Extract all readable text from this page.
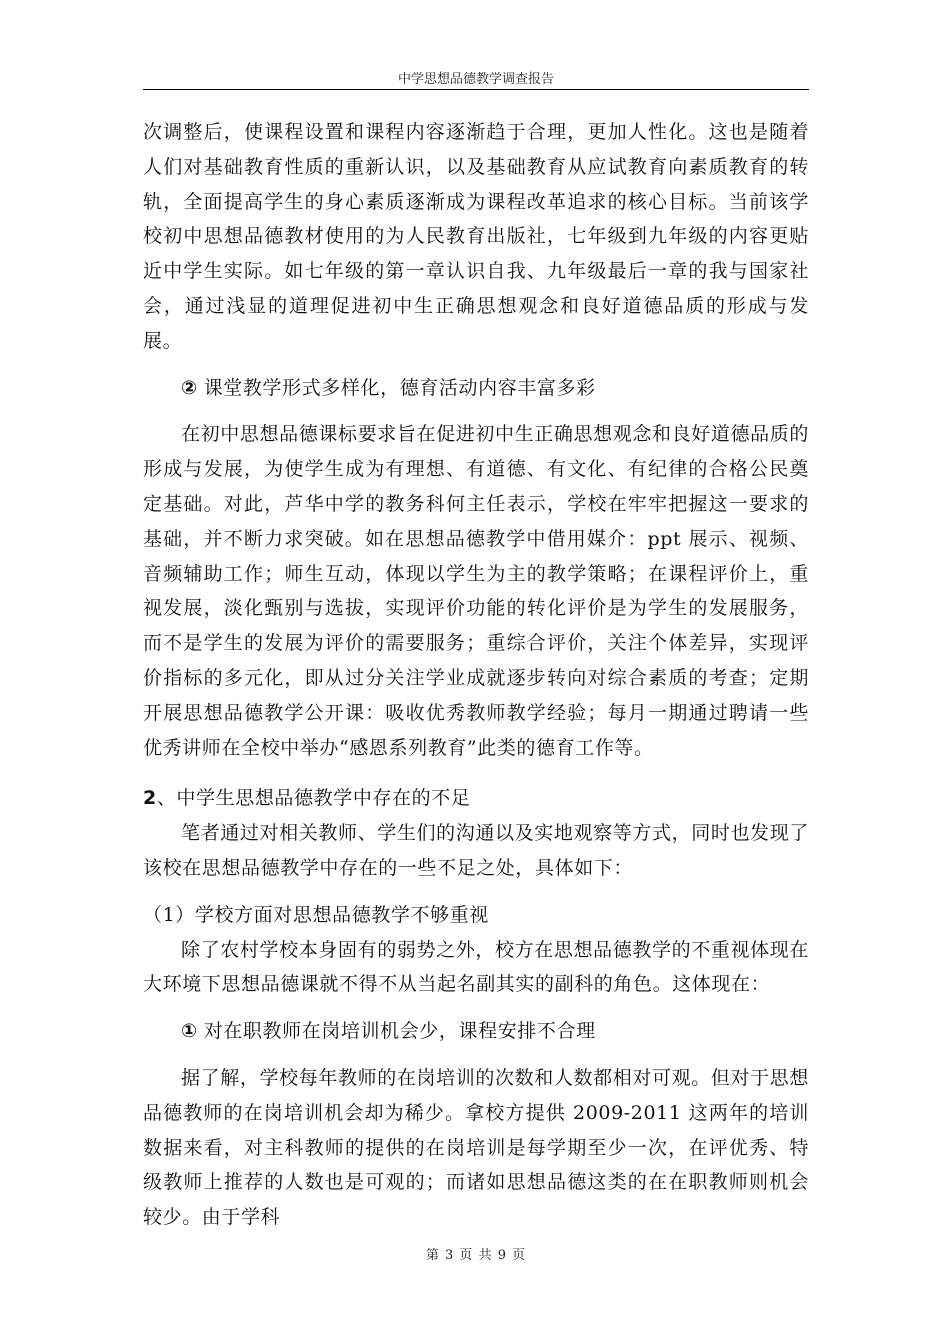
中学思想品德教学调查报告

次调整后，使课程设置和课程内容逐渐趋于合理，更加人性化。这也是随着人们对基础教育性质的重新认识，以及基础教育从应试教育向素质教育的转轨，全面提高学生的身心素质逐渐成为课程改革追求的核心目标。当前该学校初中思想品德教材使用的为人民教育出版社，七年级到九年级的内容更贴近中学生实际。如七年级的第一章认识自我、九年级最后一章的我与国家社会，通过浅显的道理促进初中生正确思想观念和良好道德品质的形成与发展。

② 课堂教学形式多样化，德育活动内容丰富多彩

在初中思想品德课标要求旨在促进初中生正确思想观念和良好道德品质的形成与发展，为使学生成为有理想、有道德、有文化、有纪律的合格公民奠定基础。对此，芦华中学的教务科何主任表示，学校在牢牢把握这一要求的基础，并不断力求突破。如在思想品德教学中借用媒介：ppt 展示、视频、音频辅助工作；师生互动，体现以学生为主的教学策略；在课程评价上，重视发展，淡化甄别与选拔，实现评价功能的转化评价是为学生的发展服务，而不是学生的发展为评价的需要服务；重综合评价，关注个体差异，实现评价指标的多元化，即从过分关注学业成就逐步转向对综合素质的考查；定期开展思想品德教学公开课：吸收优秀教师教学经验；每月一期通过聘请一些优秀讲师在全校中举办“感恩系列教育”此类的德育工作等。

2、中学生思想品德教学中存在的不足

笔者通过对相关教师、学生们的沟通以及实地观察等方式，同时也发现了该校在思想品德教学中存在的一些不足之处，具体如下：

（1）学校方面对思想品德教学不够重视

除了农村学校本身固有的弱势之外，校方在思想品德教学的不重视体现在大环境下思想品德课就不得不从当起名副其实的副科的角色。这体现在：

① 对在职教师在岗培训机会少，课程安排不合理

据了解，学校每年教师的在岗培训的次数和人数都相对可观。但对于思想品德教师的在岗培训机会却为稀少。拿校方提供 2009-2011 这两年的培训数据来看，对主科教师的提供的在岗培训是每学期至少一次，在评优秀、特级教师上推荐的人数也是可观的；而诸如思想品德这类的在在职教师则机会较少。由于学科

第 3 页 共 9 页
